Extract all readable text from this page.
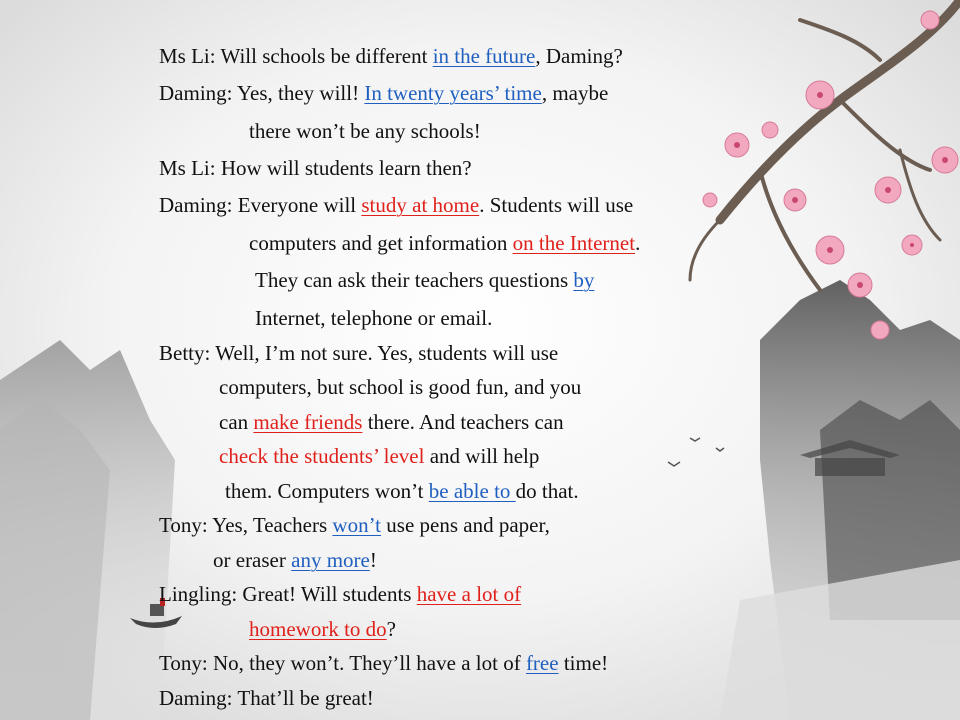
Ms Li: Will schools be different in the future, Daming?
Daming: Yes, they will! In twenty years’ time, maybe
there won’t be any schools!
Ms Li: How will students learn then?
Daming: Everyone will study at home. Students will use
computers and get information on the Internet.
They can ask their teachers questions by
Internet, telephone or email.
Betty: Well, I’m not sure. Yes, students will use
computers, but school is good fun, and you
can make friends there. And teachers can
check the students’ level and will help
them. Computers won’t be able to do that.
Tony: Yes, Teachers won’t use pens and paper,
or eraser any more!
Lingling: Great! Will students have a lot of
homework to do?
Tony: No, they won’t. They’ll have a lot of free time!
Daming: That’ll be great!
